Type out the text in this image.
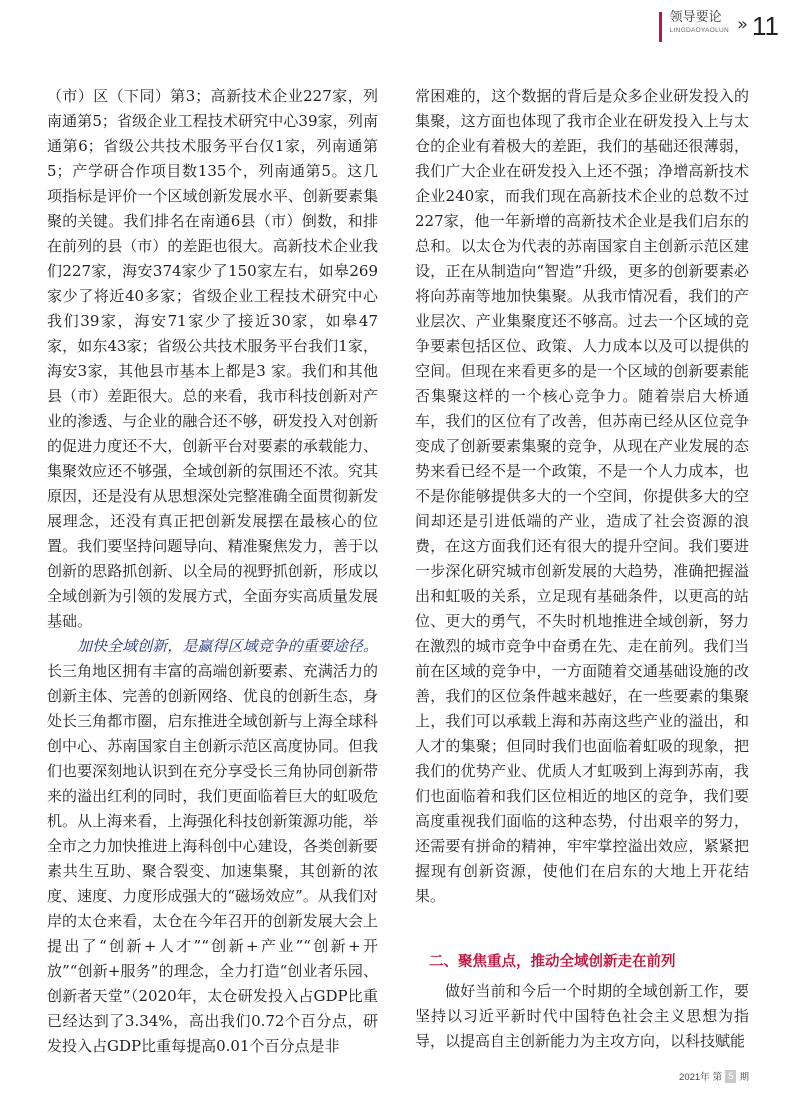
领导要论
LINGDAOYAOLUN » 11

（市）区（下同）第3；高新技术企业227家，列南通第5；省级企业工程技术研究中心39家，列南通第6；省级公共技术服务平台仅1家，列南通第5；产学研合作项目数135个，列南通第5。这几项指标是评价一个区域创新发展水平、创新要素集聚的关键。我们排名在南通6县（市）倒数，和排在前列的县（市）的差距也很大。高新技术企业我们227家，海安374家少了150家左右，如皋269家少了将近40多家；省级企业工程技术研究中心我们39家，海安71家少了接近30家，如皋47家，如东43家；省级公共技术服务平台我们1家，海安3家，其他县市基本上都是3 家。我们和其他县（市）差距很大。总的来看，我市科技创新对产业的渗透、与企业的融合还不够，研发投入对创新的促进力度还不大，创新平台对要素的承载能力、集聚效应还不够强，全域创新的氛围还不浓。究其原因，还是没有从思想深处完整准确全面贯彻新发展理念，还没有真正把创新发展摆在最核心的位置。我们要坚持问题导向、精准聚焦发力，善于以创新的思路抓创新、以全局的视野抓创新，形成以全域创新为引领的发展方式，全面夯实高质量发展基础。

加快全域创新，是赢得区域竞争的重要途径。长三角地区拥有丰富的高端创新要素、充满活力的创新主体、完善的创新网络、优良的创新生态，身处长三角都市圈，启东推进全域创新与上海全球科创中心、苏南国家自主创新示范区高度协同。但我们也要深刻地认识到在充分享受长三角协同创新带来的溢出红利的同时，我们更面临着巨大的虹吸危机。从上海来看，上海强化科技创新策源功能，举全市之力加快推进上海科创中心建设，各类创新要素共生互助、聚合裂变、加速集聚，其创新的浓度、速度、力度形成强大的“磁场效应”。从我们对岸的太仓来看，太仓在今年召开的创新发展大会上提出了“创新+人才”“创新+产业”“创新+开放”“创新+服务”的理念，全力打造“创业者乐园、创新者天堂”（2020年，太仓研发投入占GDP比重已经达到了3.34%，高出我们0.72个百分点，研发投入占GDP比重每提高0.01个百分点是非

常困难的，这个数据的背后是众多企业研发投入的集聚，这方面也体现了我市企业在研发投入上与太仓的企业有着极大的差距，我们的基础还很薄弱，我们广大企业在研发投入上还不强；净增高新技术企业240家，而我们现在高新技术企业的总数不过227家，他一年新增的高新技术企业是我们启东的总和。以太仓为代表的苏南国家自主创新示范区建设，正在从制造向“智造”升级，更多的创新要素必将向苏南等地加快集聚。从我市情况看，我们的产业层次、产业集聚度还不够高。过去一个区域的竞争要素包括区位、政策、人力成本以及可以提供的空间。但现在来看更多的是一个区域的创新要素能否集聚这样的一个核心竞争力。随着崇启大桥通车，我们的区位有了改善，但苏南已经从区位竞争变成了创新要素集聚的竞争，从现在产业发展的态势来看已经不是一个政策，不是一个人力成本，也不是你能够提供多大的一个空间，你提供多大的空间却还是引进低端的产业，造成了社会资源的浪费，在这方面我们还有很大的提升空间。我们要进一步深化研究城市创新发展的大趋势，准确把握溢出和虹吸的关系，立足现有基础条件，以更高的站位、更大的勇气，不失时机地推进全域创新，努力在激烈的城市竞争中奋勇在先、走在前列。我们当前在区域的竞争中，一方面随着交通基础设施的改善，我们的区位条件越来越好，在一些要素的集聚上，我们可以承载上海和苏南这些产业的溢出，和人才的集聚；但同时我们也面临着虹吸的现象，把我们的优势产业、优质人才虹吸到上海到苏南，我们也面临着和我们区位相近的地区的竞争，我们要高度重视我们面临的这种态势，付出艰辛的努力，还需要有拼命的精神，牢牢掌控溢出效应，紧紧把握现有创新资源，使他们在启东的大地上开花结果。

二、聚焦重点，推动全域创新走在前列

做好当前和今后一个时期的全域创新工作，要坚持以习近平新时代中国特色社会主义思想为指导，以提高自主创新能力为主攻方向，以科技赋能

2021年 第 5 期
